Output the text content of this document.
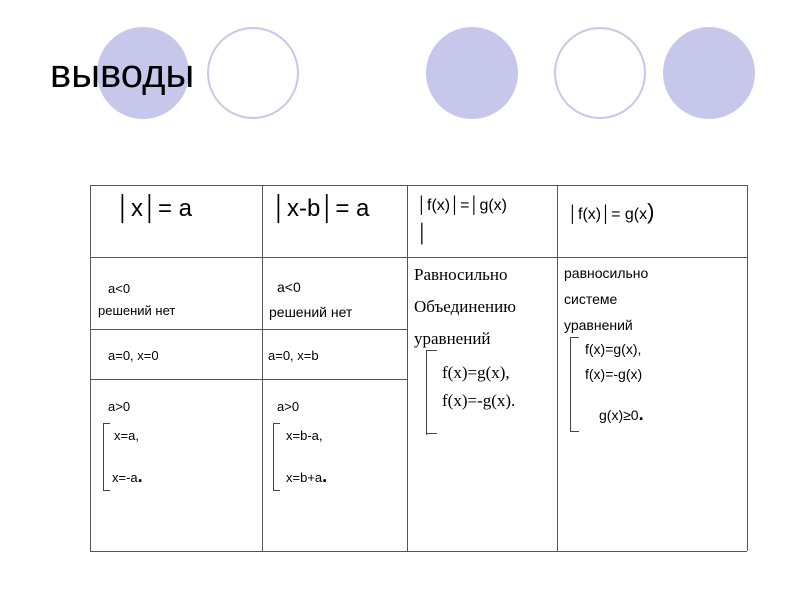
выводы
│x│= a	│x-b│= a	│f(x)│=│g(x)
│
│f(x)│= g(x)
a<0
решений нет
a=0, x=0
a>0
x=a,
x=-a.
a<0
решений нет
a=0, x=b
a>0
x=b-a,
x=b+a.
Равносильно
Объединению
уравнений
f(x)=g(x),
f(x)=-g(x).
равносильно
системе
уравнений
f(x)=g(x),
f(x)=-g(x)
g(x)≥0.
